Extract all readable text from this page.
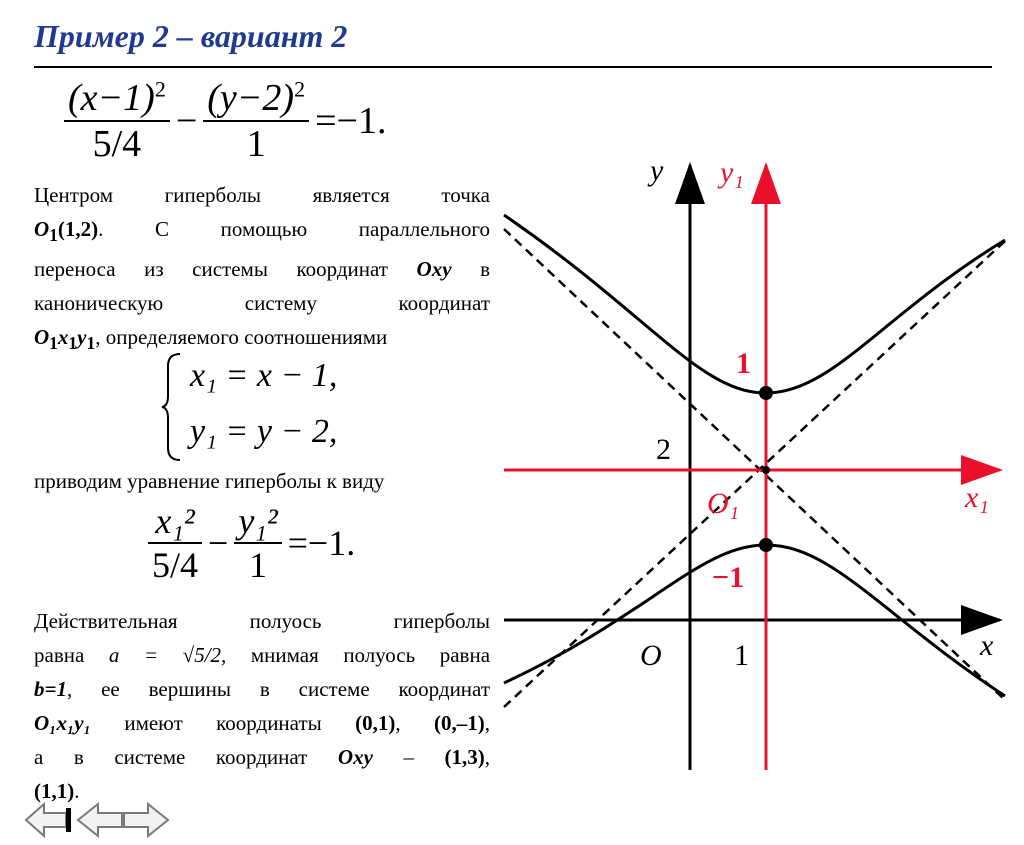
Пример 2 – вариант 2
$\frac{(x-1)^2}{5/4} - \frac{(y-2)^2}{1} =-1$.
Центром гиперболы является точка
$O_1(1,2)$. С помощью параллельного
переноса из системы координат Oxy в
каноническую систему координат
$O_1x_1y_1$, определяемого соотношениями
x₁ = x − 1,
y₁ = y − 2,
приводим уравнение гиперболы к виду
$\frac{\text{x₁²}}{5/4} - \frac{\text{y₁²}}{1} =-1$.
Действительная полуось гиперболы
равна a = √5/2, мнимая полуось равна
b=1, ее вершины в системе координат
O₁x₁y₁ имеют координаты (0,1), (0,–1),
а в системе координат Oxy – (1,3),
(1,1).
y y₁
x
x₁
O
O₁
1
2
1
−1
